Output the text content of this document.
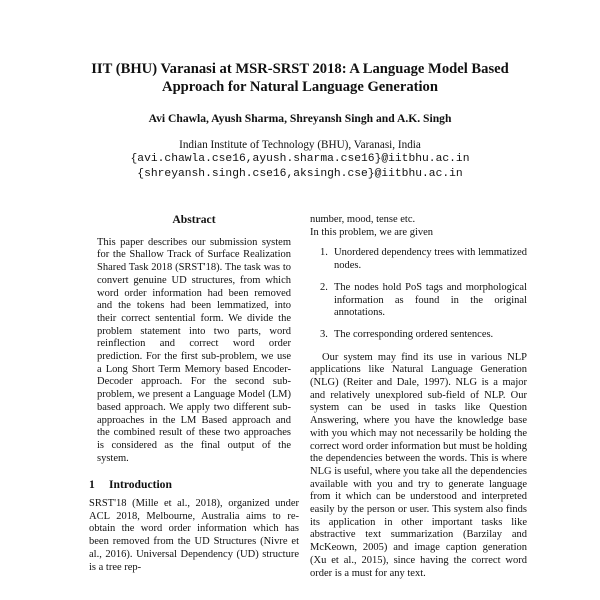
IIT (BHU) Varanasi at MSR-SRST 2018: A Language Model Based
Approach for Natural Language Generation
Avi Chawla, Ayush Sharma, Shreyansh Singh and A.K. Singh
Indian Institute of Technology (BHU), Varanasi, India
{avi.chawla.cse16,ayush.sharma.cse16}@iitbhu.ac.in
{shreyansh.singh.cse16,aksingh.cse}@iitbhu.ac.in
Abstract

This paper describes our submission system for the Shallow Track of Surface Realization Shared Task 2018 (SRST'18). The task was to convert genuine UD structures, from which word order information had been removed and the tokens had been lemmatized, into their correct sentential form. We divide the problem statement into two parts, word reinflection and correct word order prediction. For the first sub-problem, we use a Long Short Term Memory based Encoder-Decoder approach. For the second sub-problem, we present a Language Model (LM) based approach. We apply two different sub-approaches in the LM Based approach and the combined result of these two approaches is considered as the final output of the system.

1 Introduction

SRST'18 (Mille et al., 2018), organized under ACL 2018, Melbourne, Australia aims to re-obtain the word order information which has been removed from the UD Structures (Nivre et al., 2016). Universal Dependency (UD) structure is a tree rep-

number, mood, tense etc.
In this problem, we are given
1. Unordered dependency trees with lemmatized nodes.
2. The nodes hold PoS tags and morphological information as found in the original annotations.
3. The corresponding ordered sentences.

Our system may find its use in various NLP applications like Natural Language Generation (NLG) (Reiter and Dale, 1997). NLG is a major and relatively unexplored sub-field of NLP. Our system can be used in tasks like Question Answering, where you have the knowledge base with you which may not necessarily be holding the correct word order information but must be holding the dependencies between the words. This is where NLG is useful, where you take all the dependencies available with you and try to generate language from it which can be understood and interpreted easily by the person or user. This system also finds its application in other important tasks like abstractive text summarization (Barzilay and McKeown, 2005) and image caption generation (Xu et al., 2015), since having the correct word order is a must for any text.
